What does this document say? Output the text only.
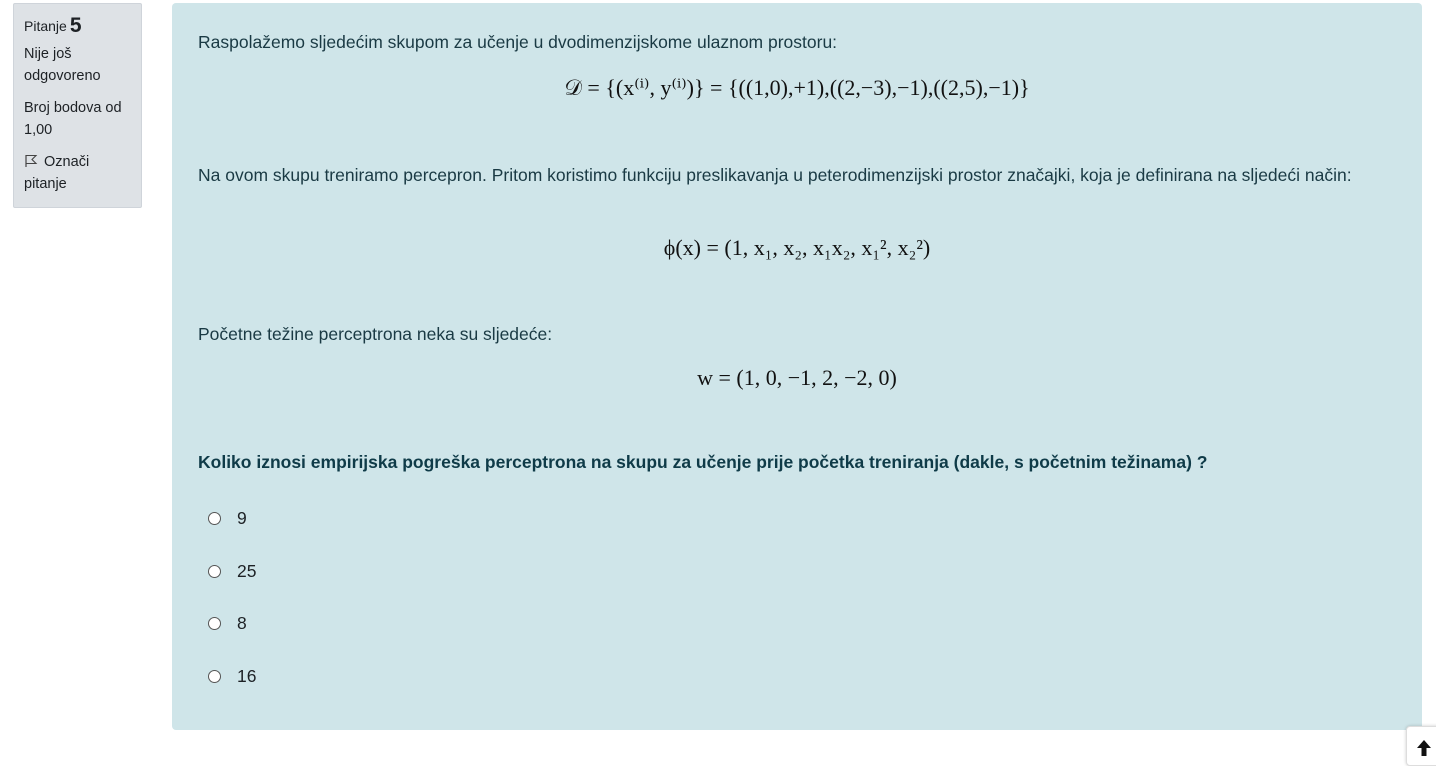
Pitanje 5
Nije još odgovoreno
Broj bodova od 1,00
Označi pitanje
Raspolažemo sljedećim skupom za učenje u dvodimenzijskome ulaznom prostoru:
𝒟 = {(x⁽ⁱ⁾, y⁽ⁱ⁾)} = {((1,0),+1),((2,−3),−1),((2,5),−1)}
Na ovom skupu treniramo percepron. Pritom koristimo funkciju preslikavanja u peterodimenzijski prostor značajki, koja je definirana na sljedeći način:
ϕ(x) = (1, x₁, x₂, x₁x₂, x₁², x₂²)
Početne težine perceptrona neka su sljedeće:
w = (1, 0, −1, 2, −2, 0)
Koliko iznosi empirijska pogreška perceptrona na skupu za učenje prije početka treniranja (dakle, s početnim težinama) ?
9
25
8
16
